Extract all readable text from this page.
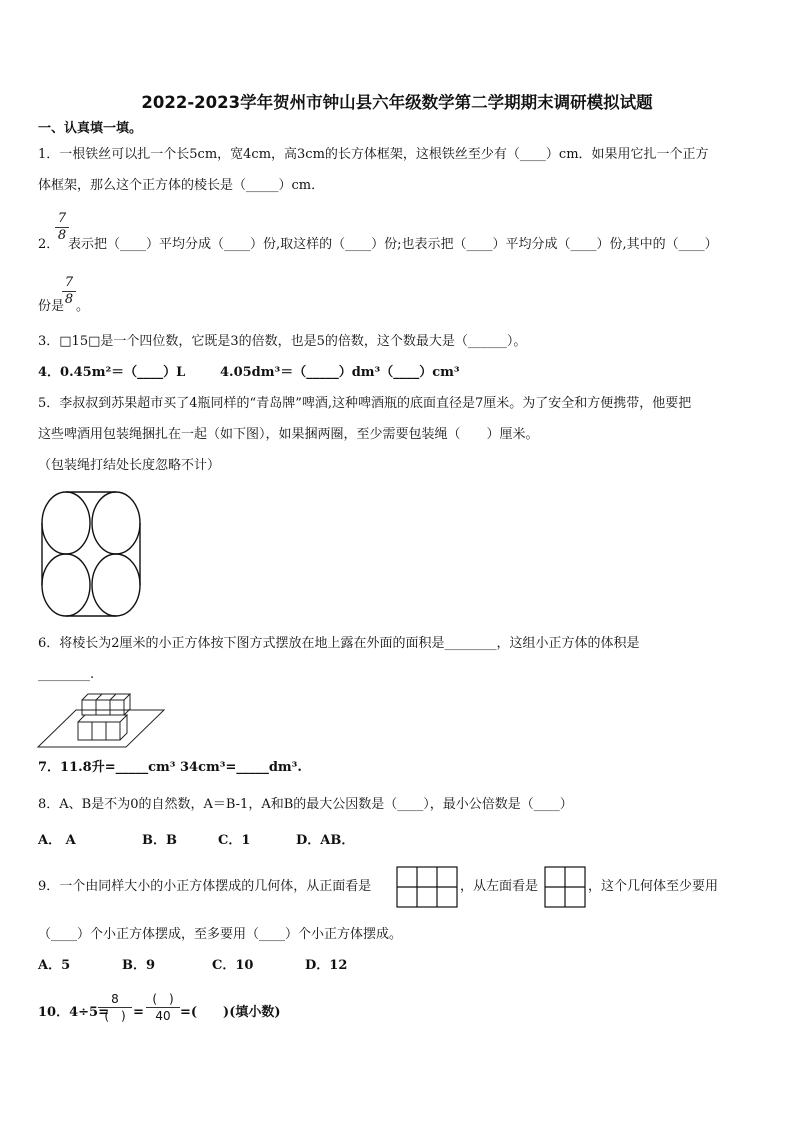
2022-2023学年贺州市钟山县六年级数学第二学期期末调研模拟试题
一、认真填一填。
1．一根铁丝可以扎一个长5cm，宽4cm，高3cm的长方体框架，这根铁丝至少有（____）cm．如果用它扎一个正方
体框架，那么这个正方体的棱长是（_____）cm．
2．
7
8
表示把（____）平均分成（____）份,取这样的（____）份;也表示把（____）平均分成（____）份,其中的（____）
7
8
份是 。
3．□15□是一个四位数，它既是3的倍数，也是5的倍数，这个数最大是（______）。
4．0.45m²＝（____）L	4.05dm³＝（_____）dm³（____）cm³
5．李叔叔到苏果超市买了4瓶同样的“青岛牌”啤酒,这种啤酒瓶的底面直径是7厘米。为了安全和方便携带，他要把
这些啤酒用包装绳捆扎在一起（如下图），如果捆两圈，至少需要包装绳（　　）厘米。
（包装绳打结处长度忽略不计）
6．将棱长为2厘米的小正方体按下图方式摆放在地上露在外面的面积是________，这组小正方体的体积是
________.
7．11.8升=_____cm³ 34cm³=_____dm³.
8．A、B是不为0的自然数，A＝B-1，A和B的最大公因数是（____），最小公倍数是（____）
A． A	B．B	C．1	D．AB．
9．一个由同样大小的小正方体摆成的几何体，从正面看是	，从左面看是	，这个几何体至少要用
（____）个小正方体摆成，至多要用（____）个小正方体摆成。
A．5	B．9	C．10	D．12
10．4÷5=
8
(　) =
(　)
40 =(　　)(填小数)
